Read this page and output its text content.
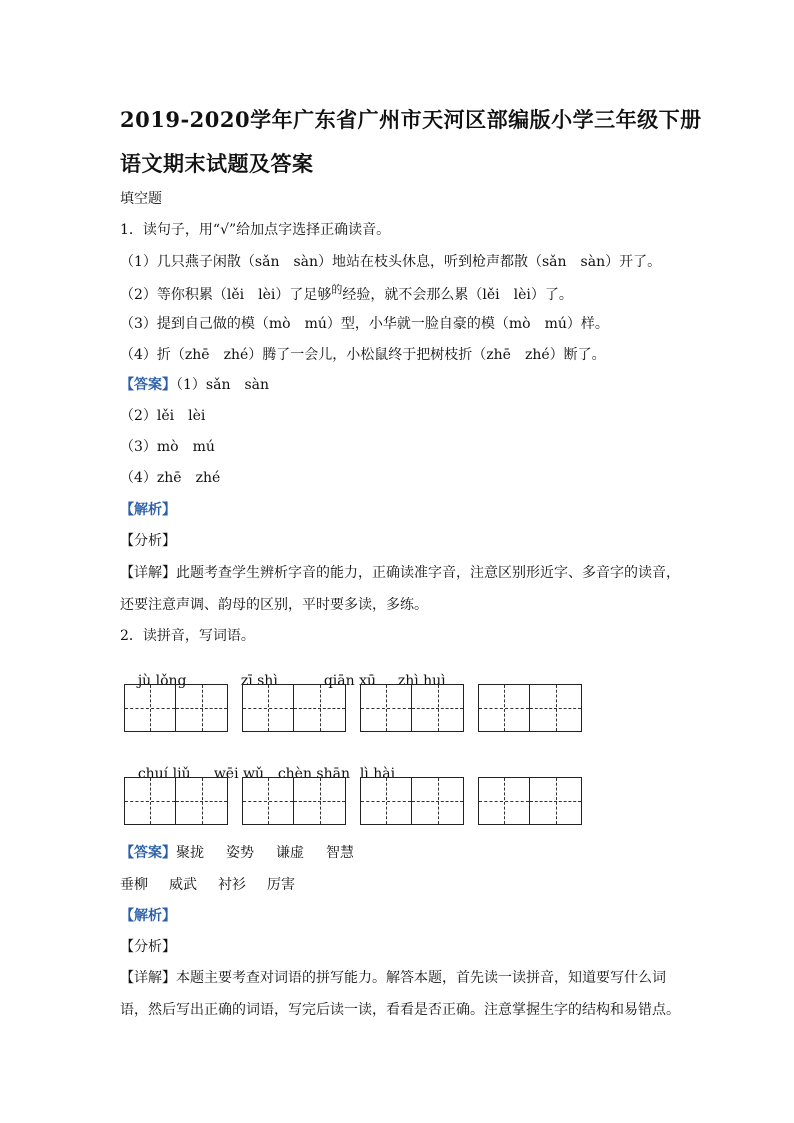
2019-2020学年广东省广州市天河区部编版小学三年级下册
语文期末试题及答案
填空题
1．读句子，用“√”给加点字选择正确读音。
（1）几只燕子闲散（sǎn　sàn）地站在枝头休息，听到枪声都散（sǎn　sàn）开了。
（2）等你积累（lěi　lèi）了足够$^的$经验，就不会那么累（lěi　lèi）了。
（3）提到自己做的模（mò　mú）型，小华就一脸自豪的模（mò　mú）样。
（4）折（zhē　zhé）腾了一会儿，小松鼠终于把树枝折（zhē　zhé）断了。
【答案】（1）sǎn　sàn
（2）lěi　lèi
（3）mò　mú
（4）zhē　zhé
【解析】
【分析】
【详解】此题考查学生辨析字音的能力，正确读准字音，注意区别形近字、多音字的读音，
还要注意声调、韵母的区别，平时要多读，多练。
2．读拼音，写词语。

jù lǒng	zī shì	qiān xū zhì huì

chuí liǔ wēi wǔ chèn shān lì hài

【答案】聚拢 姿势 谦虚 智慧
垂柳 威武 衬衫 厉害
【解析】
【分析】
【详解】本题主要考查对词语的拼写能力。解答本题，首先读一读拼音，知道要写什么词
语，然后写出正确的词语，写完后读一读，看看是否正确。注意掌握生字的结构和易错点。
